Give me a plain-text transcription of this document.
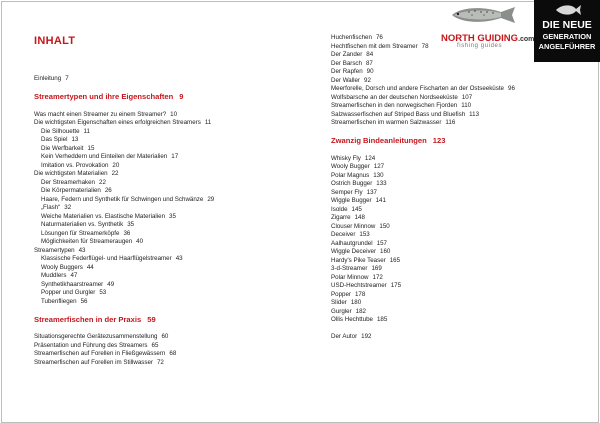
INHALT	NORTH GUIDING.com
fishing guides
DIE NEUE
GENERATION
ANGELFÜHRER
Einleitung 7
Streamertypen und ihre Eigenschaften 9
Was macht einen Streamer zu einem Streamer? 10
Die wichtigsten Eigenschaften eines erfolgreichen Streamers 11
Die Silhouette 11
Das Spiel 13
Die Werfbarkeit 15
Kein Verheddern und Einteilen der Materialien 17
Imitation vs. Provokation 20
Die wichtigsten Materialien 22
Der Streamerhaken 22
Die Körpermaterialien 26
Haare, Federn und Synthetik für Schwingen und Schwänze 29
„Flash“ 32
Weiche Materialien vs. Elastische Materialien 35
Naturmaterialien vs. Synthetik 35
Lösungen für Streamerköpfe 36
Möglichkeiten für Streameraugen 40
Streamertypen 43
Klassische Federflügel- und Haarflügelstreamer 43
Wooly Buggers 44
Muddlers 47
Synthetikhaarstreamer 49
Popper und Gurgler 53
Tubenfliegen 56
Streamerfischen in der Praxis 59
Situationsgerechte Gerätezusammenstellung 60
Präsentation und Führung des Streamers 65
Streamerfischen auf Forellen in Fließgewässern 68
Streamerfischen auf Forellen im Stillwasser 72
Huchenfischen 76
Hechtfischen mit dem Streamer 78
Der Zander 84
Der Barsch 87
Der Rapfen 90
Der Waller 92
Meerforelle, Dorsch und andere Fischarten an der Ostseeküste 96
Wolfsbarsche an der deutschen Nordseeküste 107
Streamerfischen in den norwegischen Fjorden 110
Salzwasserfischen auf Striped Bass und Bluefish 113
Streamerfischen im warmen Salzwasser 116
Zwanzig Bindeanleitungen 123
Whisky Fly 124
Wooly Bugger 127
Polar Magnus 130
Ostrich Bugger 133
Semper Fly 137
Wiggle Bugger 141
Isolde 145
Zigarre 148
Clouser Minnow 150
Deceiver 153
Aalhautgrundel 157
Wiggle Deceiver 160
Hardy's Pike Teaser 165
3-d-Streamer 169
Polar Minnow 172
USD-Hechtstreamer 175
Popper 178
Slider 180
Gurgler 182
Ollis Hechttube 185
Der Autor 192
